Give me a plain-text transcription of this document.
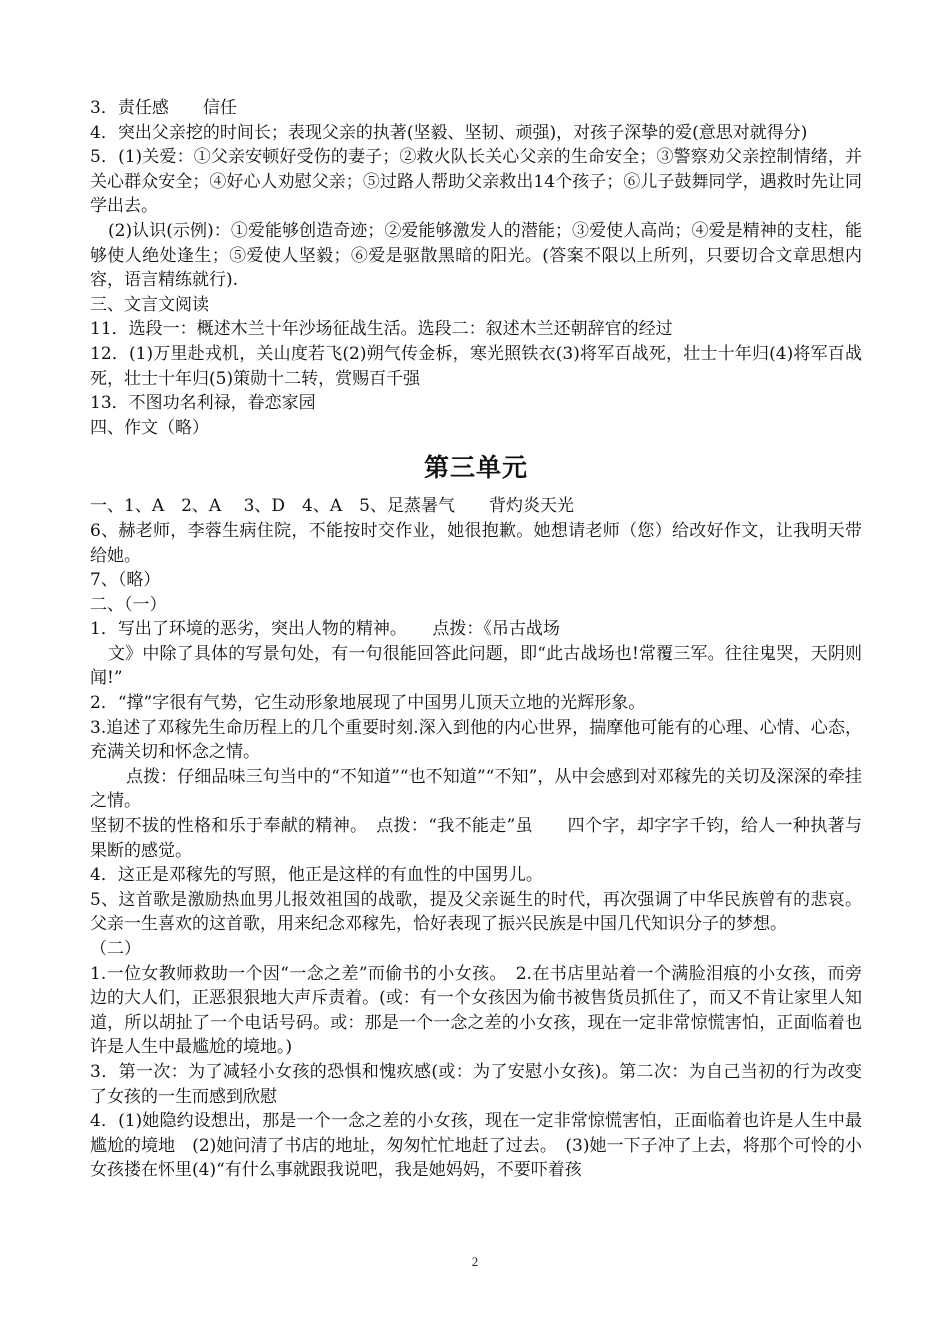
3．责任感　　信任

4．突出父亲挖的时间长；表现父亲的执著(坚毅、坚韧、顽强)，对孩子深挚的爱(意思对就得分)

5．(1)关爱：①父亲安顿好受伤的妻子；②救火队长关心父亲的生命安全；③警察劝父亲控制情绪，并关心群众安全；④好心人劝慰父亲；⑤过路人帮助父亲救出14个孩子；⑥儿子鼓舞同学，遇救时先让同学出去。

(2)认识(示例)：①爱能够创造奇迹；②爱能够激发人的潜能；③爱使人高尚；④爱是精神的支柱，能够使人绝处逢生；⑤爱使人坚毅；⑥爱是驱散黑暗的阳光。(答案不限以上所列，只要切合文章思想内容，语言精练就行).

三、文言文阅读

11．选段一：概述木兰十年沙场征战生活。选段二：叙述木兰还朝辞官的经过

12．(1)万里赴戎机，关山度若飞(2)朔气传金柝，寒光照铁衣(3)将军百战死，壮士十年归(4)将军百战死，壮士十年归(5)策勋十二转，赏赐百千强

13．不图功名利禄，眷恋家园

四、作文（略）

第三单元

一、1、A　2、A　 3、D　4、A　5、足蒸暑气　　背灼炎天光

6、赫老师，李蓉生病住院，不能按时交作业，她很抱歉。她想请老师（您）给改好作文，让我明天带给她。

7、（略）

二、（一）

1．写出了环境的恶劣，突出人物的精神。　　点拨：《吊古战场

文》中除了具体的写景句处，有一句很能回答此问题，即“此古战场也!常覆三军。往往鬼哭，天阴则闻!”

2．“撑”字很有气势，它生动形象地展现了中国男儿顶天立地的光辉形象。

3.追述了邓稼先生命历程上的几个重要时刻.深入到他的内心世界，揣摩他可能有的心理、心情、心态，充满关切和怀念之情。

点拨：仔细品味三句当中的“不知道”“也不知道”“不知”，从中会感到对邓稼先的关切及深深的牵挂之情。

坚韧不拔的性格和乐于奉献的精神。　点拨：“我不能走”虽　　四个字，却字字千钧，给人一种执著与果断的感觉。

4．这正是邓稼先的写照，他正是这样的有血性的中国男儿。

5、这首歌是激励热血男儿报效祖国的战歌，提及父亲诞生的时代，再次强调了中华民族曾有的悲哀。父亲一生喜欢的这首歌，用来纪念邓稼先，恰好表现了振兴民族是中国几代知识分子的梦想。

（二）

1.一位女教师救助一个因“一念之差”而偷书的小女孩。　2.在书店里站着一个满脸泪痕的小女孩，而旁边的大人们，正恶狠狠地大声斥责着。(或：有一个女孩因为偷书被售货员抓住了，而又不肯让家里人知道，所以胡扯了一个电话号码。或：那是一个一念之差的小女孩，现在一定非常惊慌害怕，正面临着也许是人生中最尴尬的境地。)

3．第一次：为了减轻小女孩的恐惧和愧疚感(或：为了安慰小女孩)。第二次：为自己当初的行为改变了女孩的一生而感到欣慰

4．(1)她隐约设想出，那是一个一念之差的小女孩，现在一定非常惊慌害怕，正面临着也许是人生中最尴尬的境地　(2)她问清了书店的地址，匆匆忙忙地赶了过去。　(3)她一下子冲了上去，将那个可怜的小女孩搂在怀里(4)“有什么事就跟我说吧，我是她妈妈，不要吓着孩

2
